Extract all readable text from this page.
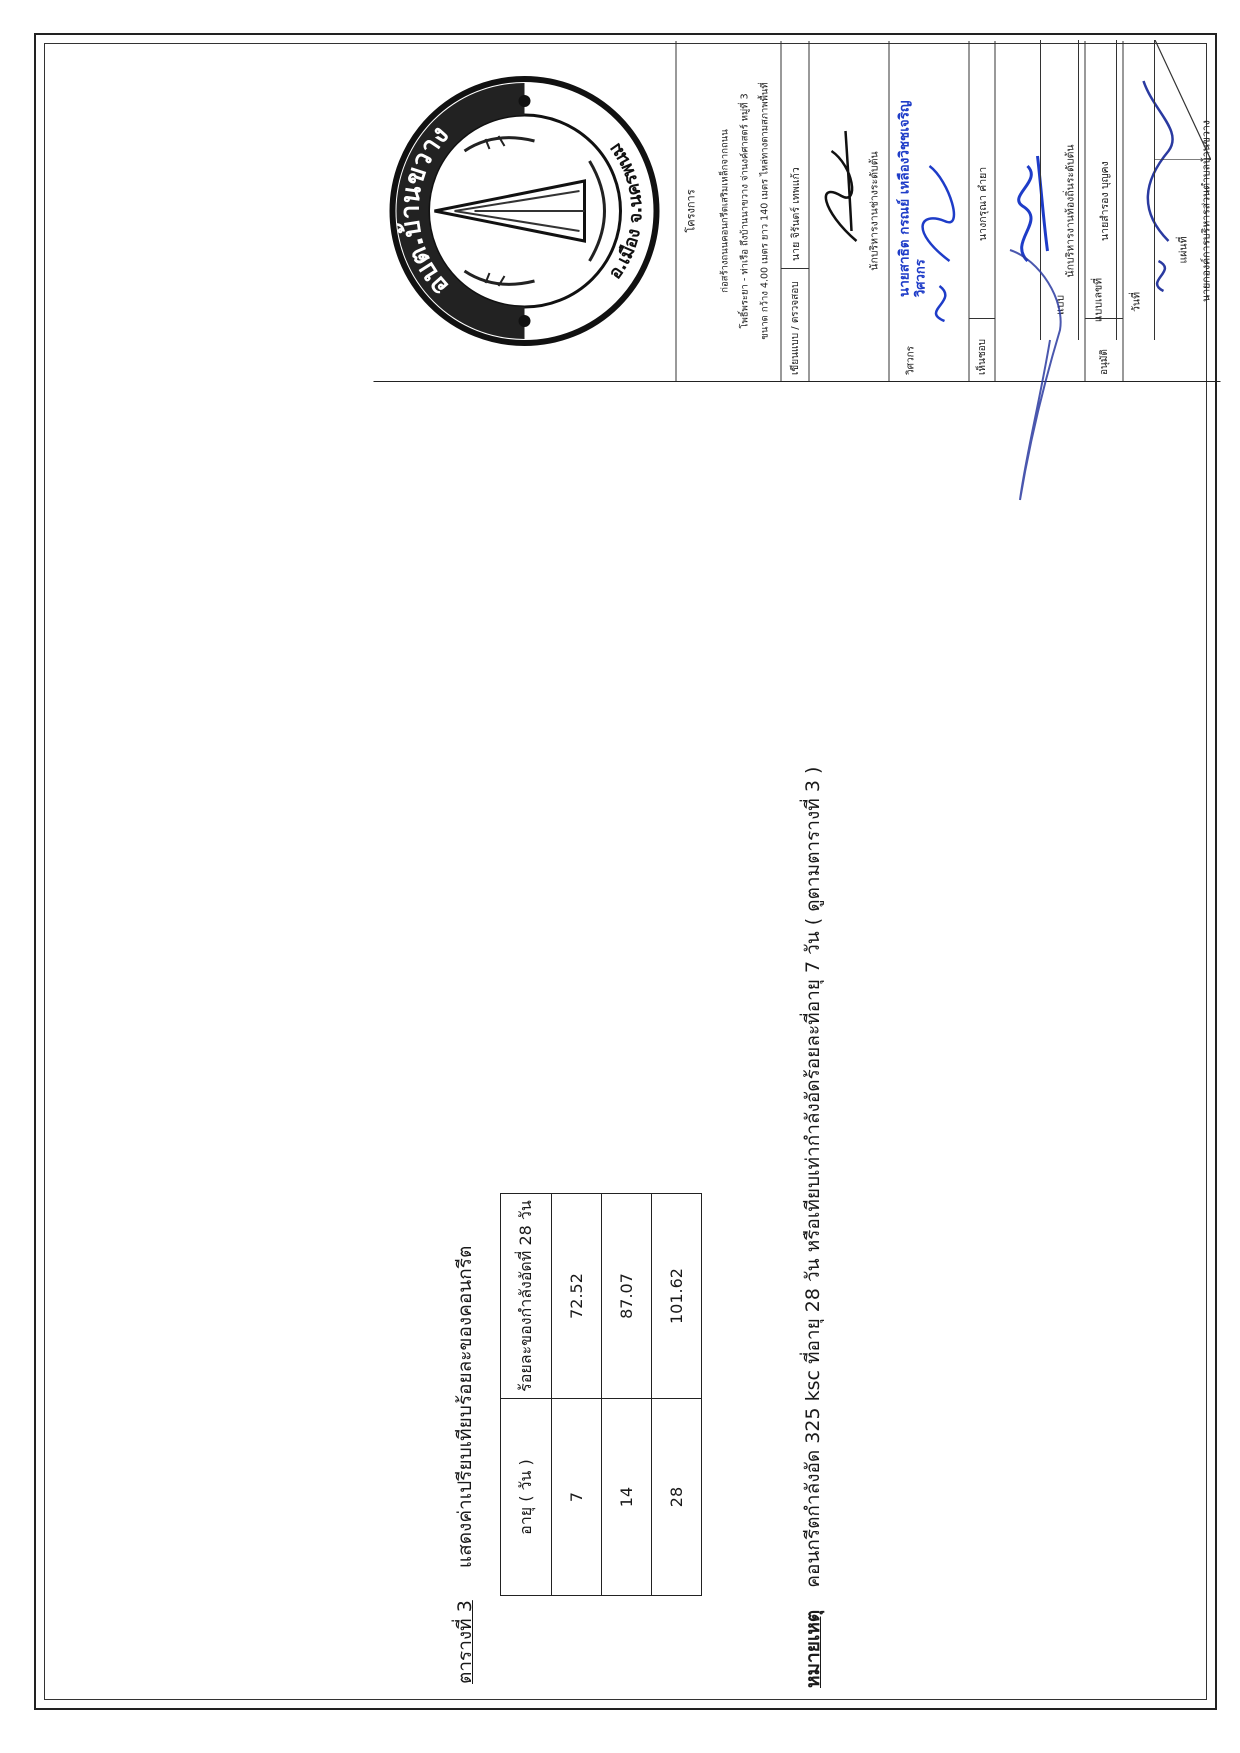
ตารางที่ 3 แสดงค่าเปรียบเทียบร้อยละของคอนกรีต อายุ ( วัน )	ร้อยละของกำลังอัดที่ 28 วัน
7	72.52
14	87.07
28	101.62
หมายเหตุ คอนกรีตกำลังอัด 325 ksc ที่อายุ 28 วัน หรือเทียบเท่ากำลังอัดร้อยละที่อายุ 7 วัน ( ดูตามตารางที่ 3 )
อบต.บ้านขวาง
อ.เมือง จ.นครพนม
โครงการ	ก่อสร้างถนนคอนกรีตเสริมเหล็กจากถนน โพธิ์พระยา - ท่าเรือ ถึงบ้านนาขวาง จ่านงค์ศาสตร์ หมู่ที่ 3 ขนาด กว้าง 4.00 เมตร ยาว 140 เมตร ไหล่ทางตามสภาพพื้นที่	เขียนแบบ / ตรวจสอบ
นาย จิรันตร์ เทพแก้ว	นักบริหารงานช่างระดับต้น
วิศวกร
นายสาธิต กรณย์ เหลืองวิชชเจริญ วิศวกร
เห็นชอบ
นางกรุณา คำยา	นักบริหารงานท้องถิ่นระดับต้น
อนุมัติ
นายสำรอง บุญคง	นายกองค์การบริหารส่วนตำบลบ้านขวาง
แบบ แบบเลขที่ วันที่
แผ่นที่
